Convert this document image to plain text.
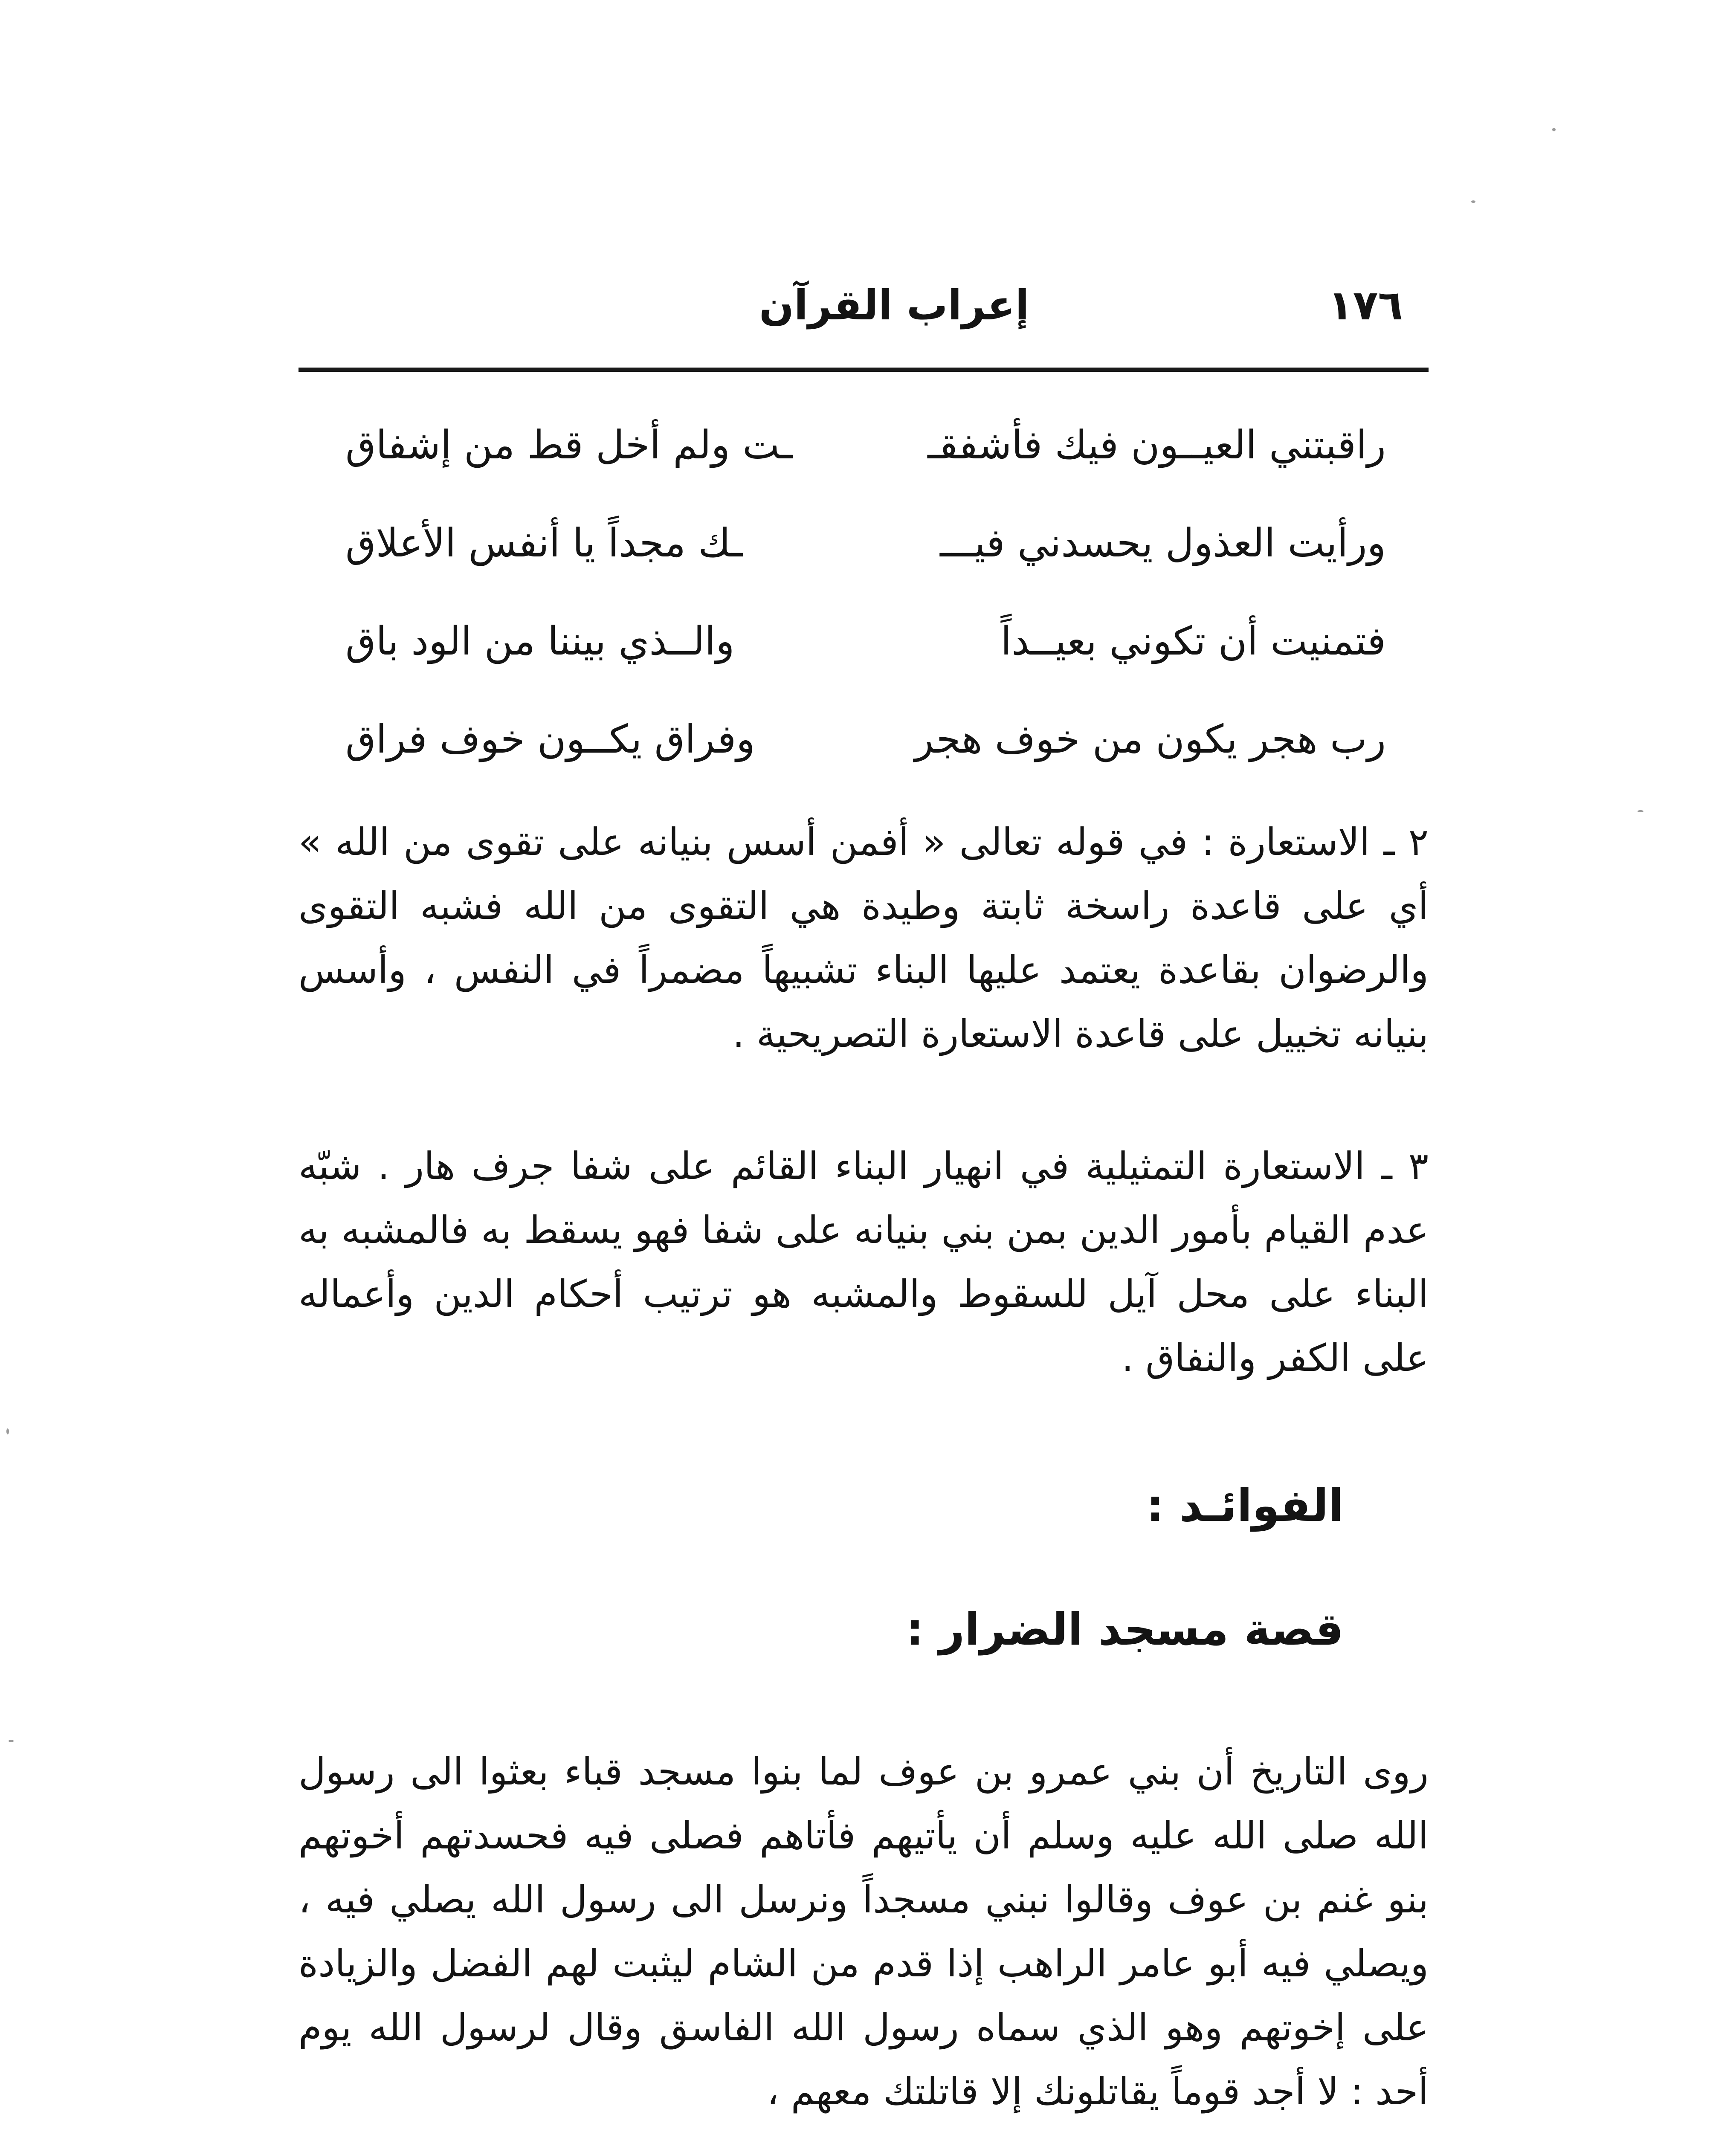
١٧٦
إعراب القرآن
راقبتني العيــون فيك فأشفقـ
ـت ولم أخل قط من إشفاق
ورأيت العذول يحسدني فيـــ
ـك مجداً يا أنفس الأعلاق
فتمنيت أن تكوني بعيــداً
والــذي بيننا من الود باق
رب هجر يكون من خوف هجر
وفراق يكــون خوف فراق

٢ ـ الاستعارة : في قوله تعالى « أفمن أسس بنيانه على تقوى من الله » أي على قاعدة راسخة ثابتة وطيدة هي التقوى من الله فشبه التقوى والرضوان بقاعدة يعتمد عليها البناء تشبيهاً مضمراً في النفس ، وأسس بنيانه تخييل على قاعدة الاستعارة التصريحية .

٣ ـ الاستعارة التمثيلية في انهيار البناء القائم على شفا جرف هار . شبّه عدم القيام بأمور الدين بمن بني بنيانه على شفا فهو يسقط به فالمشبه به البناء على محل آيل للسقوط والمشبه هو ترتيب أحكام الدين وأعماله على الكفر والنفاق .

الفوائـد :
قصة مسجد الضرار :

روى التاريخ أن بني عمرو بن عوف لما بنوا مسجد قباء بعثوا الى رسول الله صلى الله عليه وسلم أن يأتيهم فأتاهم فصلى فيه فحسدتهم أخوتهم بنو غنم بن عوف وقالوا نبني مسجداً ونرسل الى رسول الله يصلي فيه ، ويصلي فيه أبو عامر الراهب إذا قدم من الشام ليثبت لهم الفضل والزيادة على إخوتهم وهو الذي سماه رسول الله الفاسق وقال لرسول الله يوم أحد : لا أجد قوماً يقاتلونك إلا قاتلتك معهم ،
